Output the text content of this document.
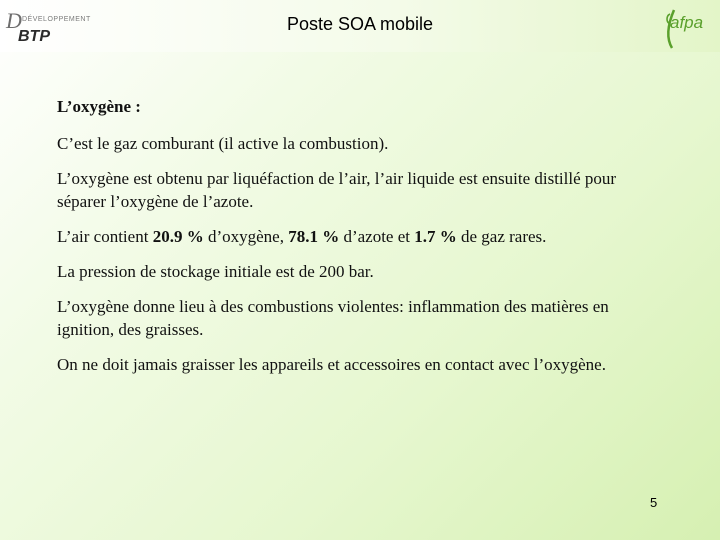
D DÉVELOPPEMENT
BTP
Poste SOA mobile	afpa

L’oxygène :

C’est le gaz comburant (il active la combustion).

L’oxygène est obtenu par liquéfaction de l’air, l’air liquide est ensuite distillé pour séparer l’oxygène de l’azote.

L’air contient 20.9 % d’oxygène, 78.1 % d’azote et 1.7 % de gaz rares.

La pression de stockage initiale est de 200 bar.

L’oxygène donne lieu à des combustions violentes: inflammation des matières en ignition, des graisses.

On ne doit jamais graisser les appareils et accessoires en contact avec l’oxygène.

5
